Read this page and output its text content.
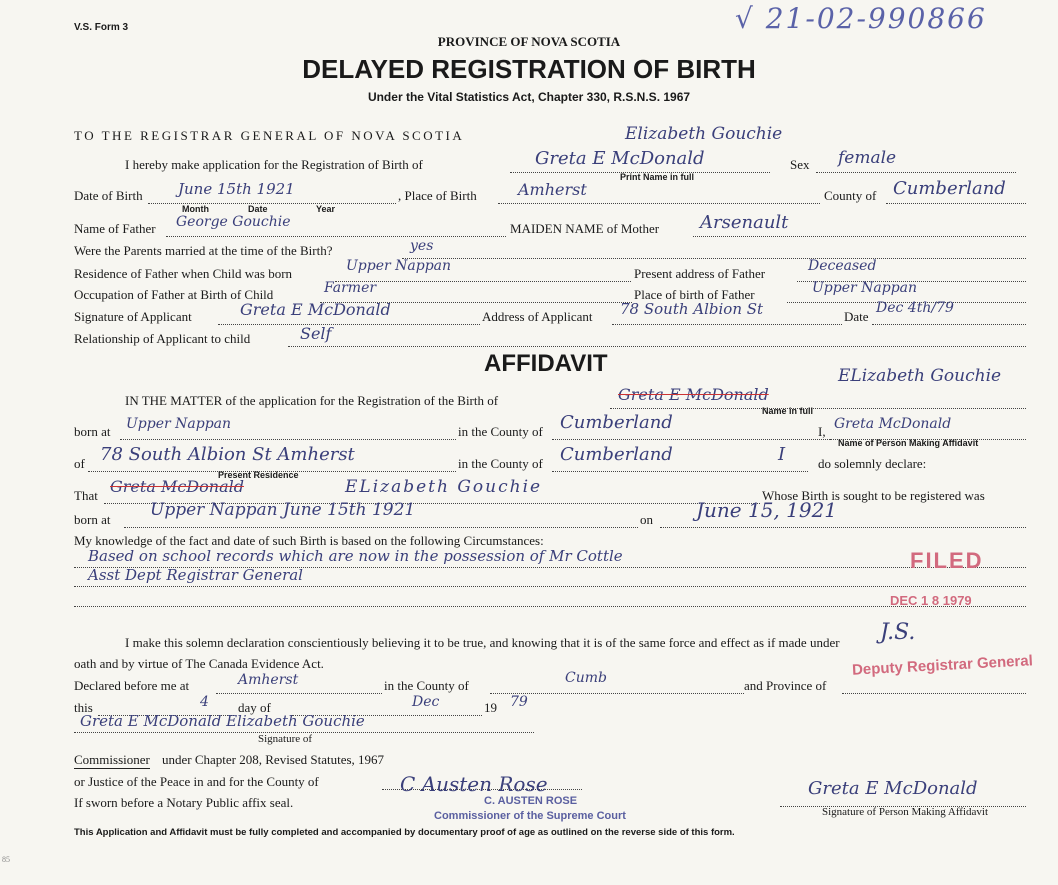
V.S. Form 3	√ 21-02-990866
PROVINCE OF NOVA SCOTIA
DELAYED REGISTRATION OF BIRTH
Under the Vital Statistics Act, Chapter 330, R.S.N.S. 1967
TO THE REGISTRAR GENERAL OF NOVA SCOTIA	Elizabeth Gouchie
I hereby make application for the Registration of Birth of	Greta E McDonald
Print Name in full
Sex female
Date of Birth June 15th 1921
Month	Date	Year
, Place of Birth	Amherst	County of Cumberland
Name of Father George Gouchie	MAIDEN NAME of Mother Arsenault
Were the Parents married at the time of the Birth?	yes
Residence of Father when Child was born	Upper Nappan	Present address of Father	Deceased
Occupation of Father at Birth of Child	Farmer	Place of birth of Father	Upper Nappan
Signature of Applicant	Greta E McDonald	Address of Applicant 78 South Albion St	Date
Dec 4th/79
Relationship of Applicant to child	Self
AFFIDAVIT
IN THE MATTER of the application for the Registration of the Birth of	Greta E McDonald
ELizabeth Gouchie
Name in full
born at Upper Nappan	in the County of Cumberland	I, Greta McDonald
Name of Person Making Affidavit
of 78 South Albion St Amherst
Present Residence
in the County of Cumberland	I	do solemnly declare:
That Greta McDonald	ELizabeth Gouchie	Whose Birth is sought to be registered was
born at Upper Nappan June 15th 1921	on June 15, 1921
My knowledge of the fact and date of such Birth is based on the following Circumstances:
Based on school records which are now in the possession of Mr Cottle
Asst Dept Registrar General
FILED
DEC 1 8 1979
I make this solemn declaration conscientiously believing it to be true, and knowing that it is of the same force and effect as if made under
oath and by virtue of The Canada Evidence Act.
J.S.
Deputy Registrar General
Declared before me at	Amherst	in the County of	Cumb	and Province of
this	4 day of	Dec	19 79
Greta E McDonald Elizabeth Gouchie
Signature of
Commissioner under Chapter 208, Revised Statutes, 1967
or Justice of the Peace in and for the County of
If sworn before a Notary Public affix seal.
C Austen Rose
C. AUSTEN ROSE
Commissioner of the Supreme Court
Greta E McDonald
Signature of Person Making Affidavit
This Application and Affidavit must be fully completed and accompanied by documentary proof of age as outlined on the reverse side of this form.
85
